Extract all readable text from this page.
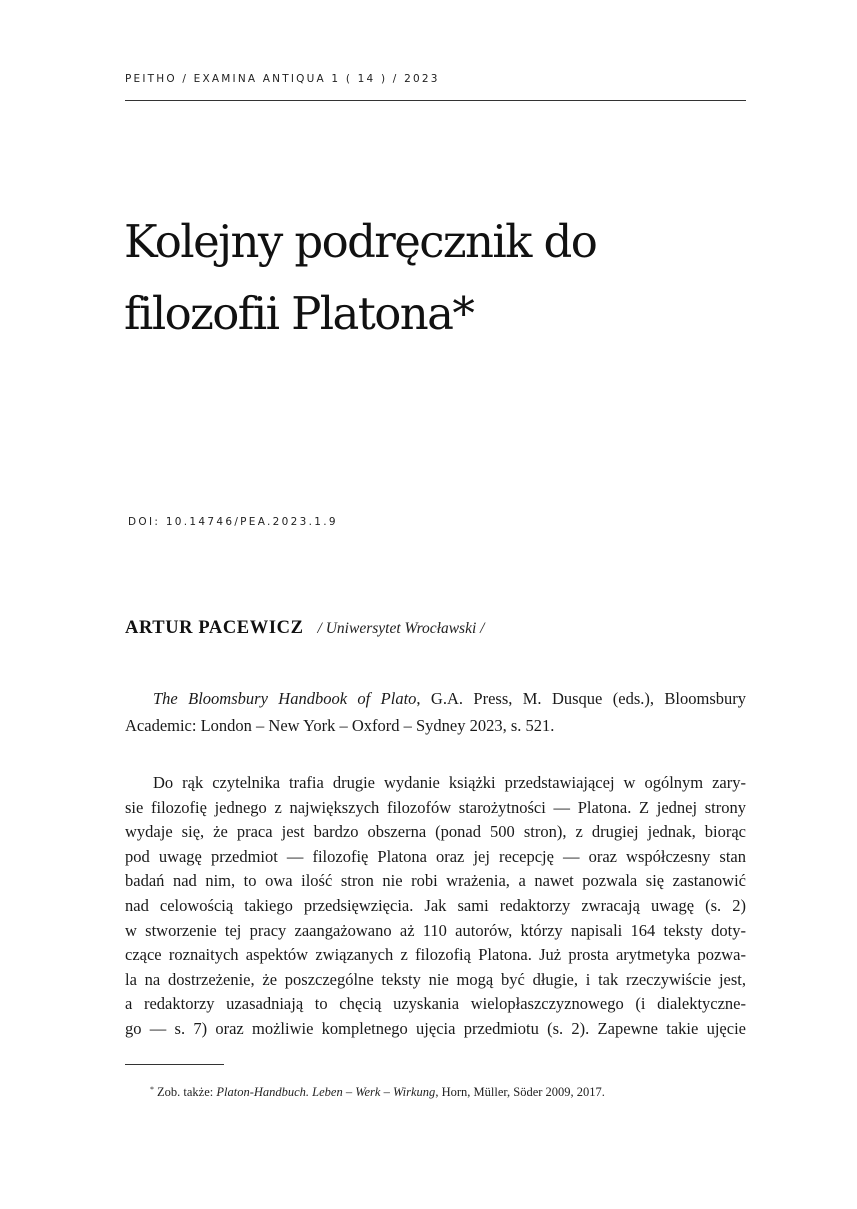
PEITHO / EXAMINA ANTIQUA 1 ( 14 ) / 2023
Kolejny podręcznik do
filozofii Platona*
DOI: 10.14746/PEA.2023.1.9
ARTUR PACEWICZ / Uniwersytet Wrocławski /

The Bloomsbury Handbook of Plato, G.A. Press, M. Dusque (eds.), Bloomsbury Academic: London – New York – Oxford – Sydney 2023, s. 521.

Do rąk czytelnika trafia drugie wydanie książki przedstawiającej w ogólnym zary-
sie filozofię jednego z największych filozofów starożytności — Platona. Z jednej strony
wydaje się, że praca jest bardzo obszerna (ponad 500 stron), z drugiej jednak, biorąc
pod uwagę przedmiot — filozofię Platona oraz jej recepcję — oraz współczesny stan
badań nad nim, to owa ilość stron nie robi wrażenia, a nawet pozwala się zastanowić
nad celowością takiego przedsięwzięcia. Jak sami redaktorzy zwracają uwagę (s. 2)
w stworzenie tej pracy zaangażowano aż 110 autorów, którzy napisali 164 teksty doty-
czące roznaitych aspektów związanych z filozofią Platona. Już prosta arytmetyka pozwa-
la na dostrzeżenie, że poszczególne teksty nie mogą być długie, i tak rzeczywiście jest,
a redaktorzy uzasadniają to chęcią uzyskania wielopłaszczyznowego (i dialektyczne-
go — s. 7) oraz możliwie kompletnego ujęcia przedmiotu (s. 2). Zapewne takie ujęcie
* Zob. także: Platon-Handbuch. Leben – Werk – Wirkung, Horn, Müller, Söder 2009, 2017.
